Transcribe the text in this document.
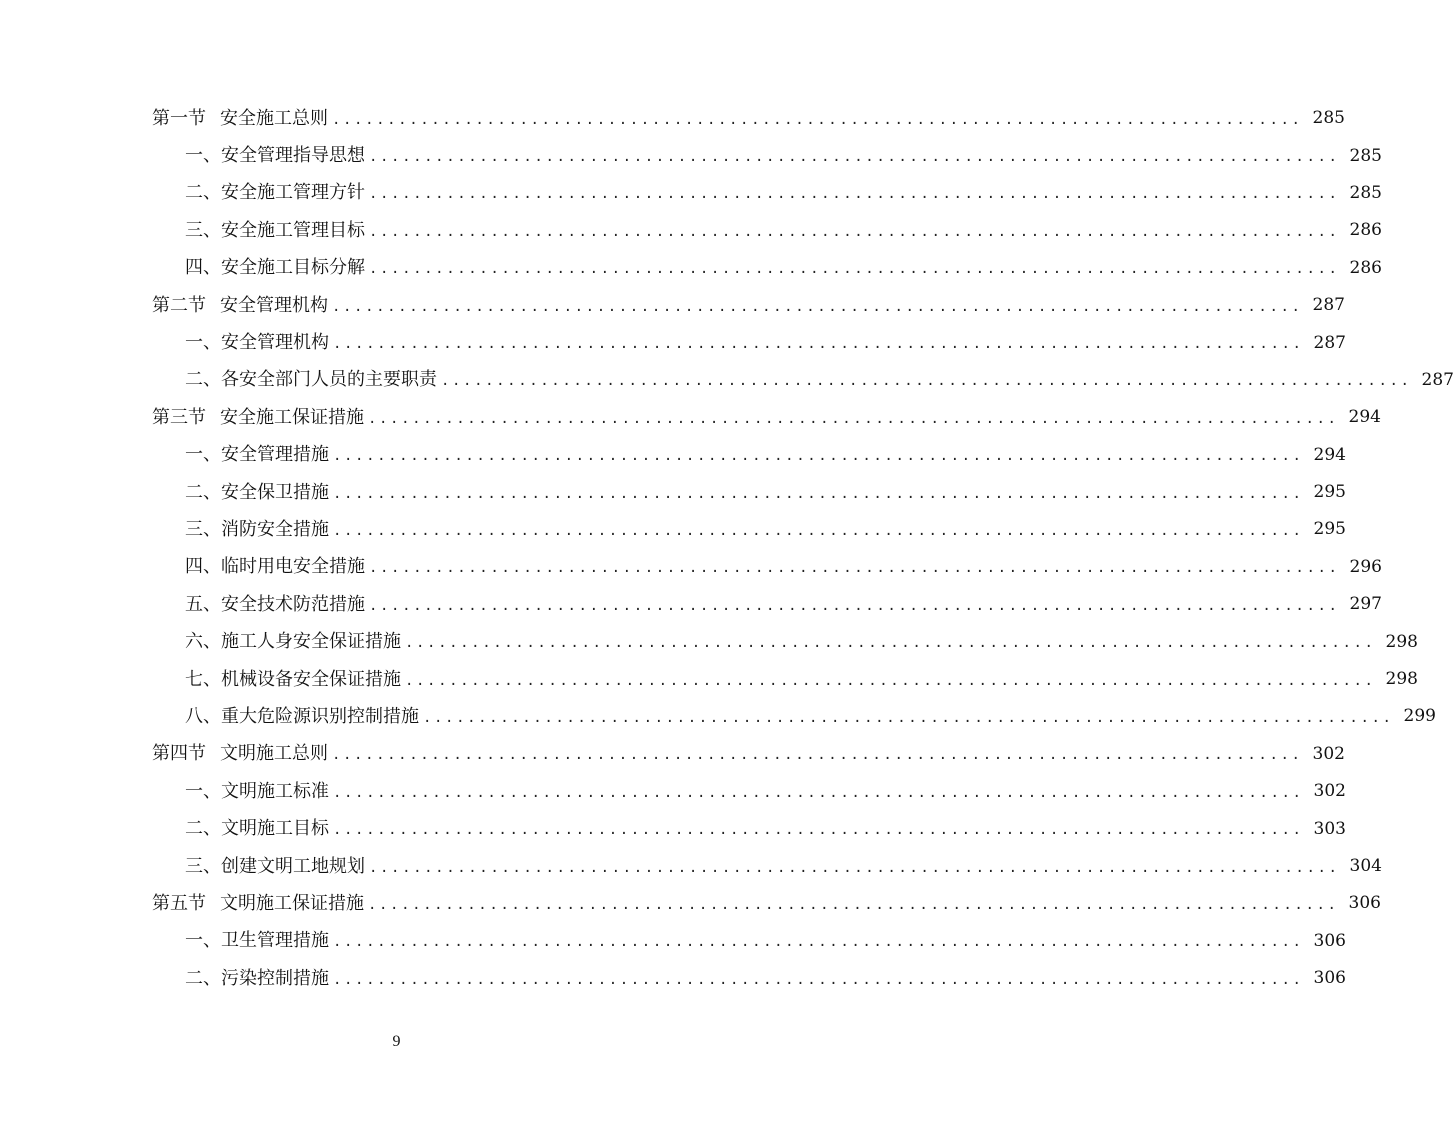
第一节 安全施工总则 ........................................................................................ 285
一、 安全管理指导思想 ........................................................................................ 285
二、 安全施工管理方针 ........................................................................................ 285
三、 安全施工管理目标 ........................................................................................ 286
四、 安全施工目标分解 ........................................................................................ 286
第二节 安全管理机构 ........................................................................................ 287
一、 安全管理机构 ........................................................................................ 287
二、 各安全部门人员的主要职责 ........................................................................................ 287
第三节 安全施工保证措施 ........................................................................................ 294
一、 安全管理措施 ........................................................................................ 294
二、 安全保卫措施 ........................................................................................ 295
三、 消防安全措施 ........................................................................................ 295
四、 临时用电安全措施 ........................................................................................ 296
五、 安全技术防范措施 ........................................................................................ 297
六、 施工人身安全保证措施 ........................................................................................ 298
七、 机械设备安全保证措施 ........................................................................................ 298
八、 重大危险源识别控制措施 ........................................................................................ 299
第四节 文明施工总则 ........................................................................................ 302
一、 文明施工标准 ........................................................................................ 302
二、 文明施工目标 ........................................................................................ 303
三、 创建文明工地规划 ........................................................................................ 304
第五节 文明施工保证措施 ........................................................................................ 306
一、 卫生管理措施 ........................................................................................ 306
二、 污染控制措施 ........................................................................................ 306
9
